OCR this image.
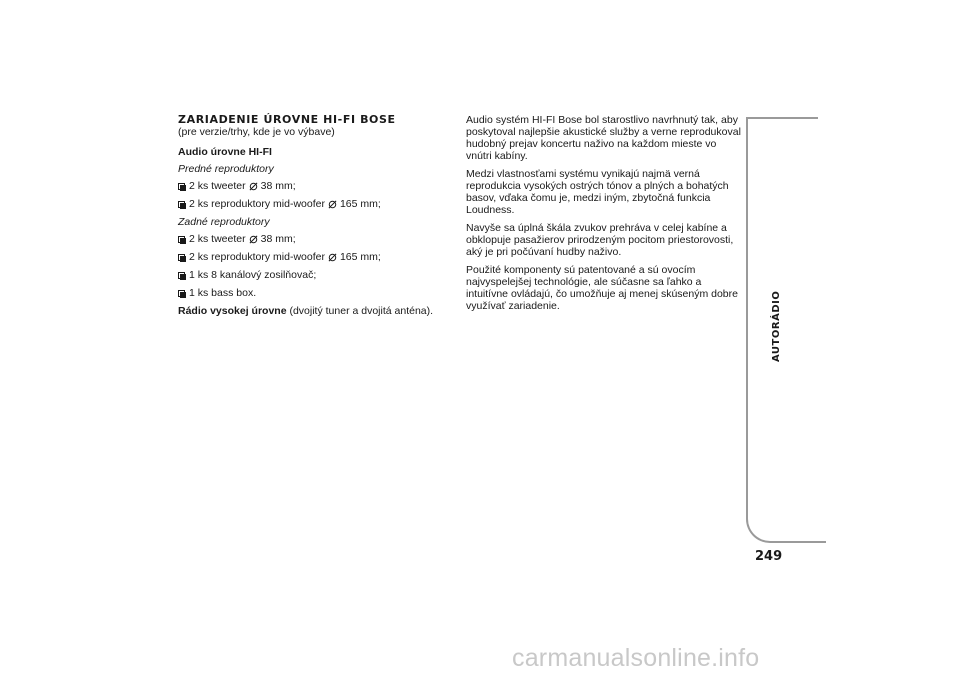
ZARIADENIE ÚROVNE HI-FI BOSE

(pre verzie/trhy, kde je vo výbave)

Audio úrovne HI-FI

Predné reproduktory

2 ks tweeter 38 mm;
2 ks reproduktory mid-woofer 165 mm;

Zadné reproduktory

2 ks tweeter 38 mm;
2 ks reproduktory mid-woofer 165 mm;
1 ks 8 kanálový zosilňovač;
1 ks bass box.

Rádio vysokej úrovne (dvojitý tuner a dvojitá anténa).

Audio systém HI-FI Bose bol starostlivo navrhnutý tak, aby poskytoval najlepšie akustické služby a verne reprodukoval hudobný prejav koncertu naživo na každom mieste vo vnútri kabíny.

Medzi vlastnosťami systému vynikajú najmä verná reprodukcia vysokých ostrých tónov a plných a bohatých basov, vďaka čomu je, medzi iným, zbytočná funkcia Loudness.

Navyše sa úplná škála zvukov prehráva v celej kabíne a obklopuje pasažierov prirodzeným pocitom priestorovosti, aký je pri počúvaní hudby naživo.

Použité komponenty sú patentované a sú ovocím najvyspelejšej technológie, ale súčasne sa ľahko a intuitívne ovládajú, čo umožňuje aj menej skúseným dobre využívať zariadenie.	AUTORÁDIO
249
carmanualsonline.info
